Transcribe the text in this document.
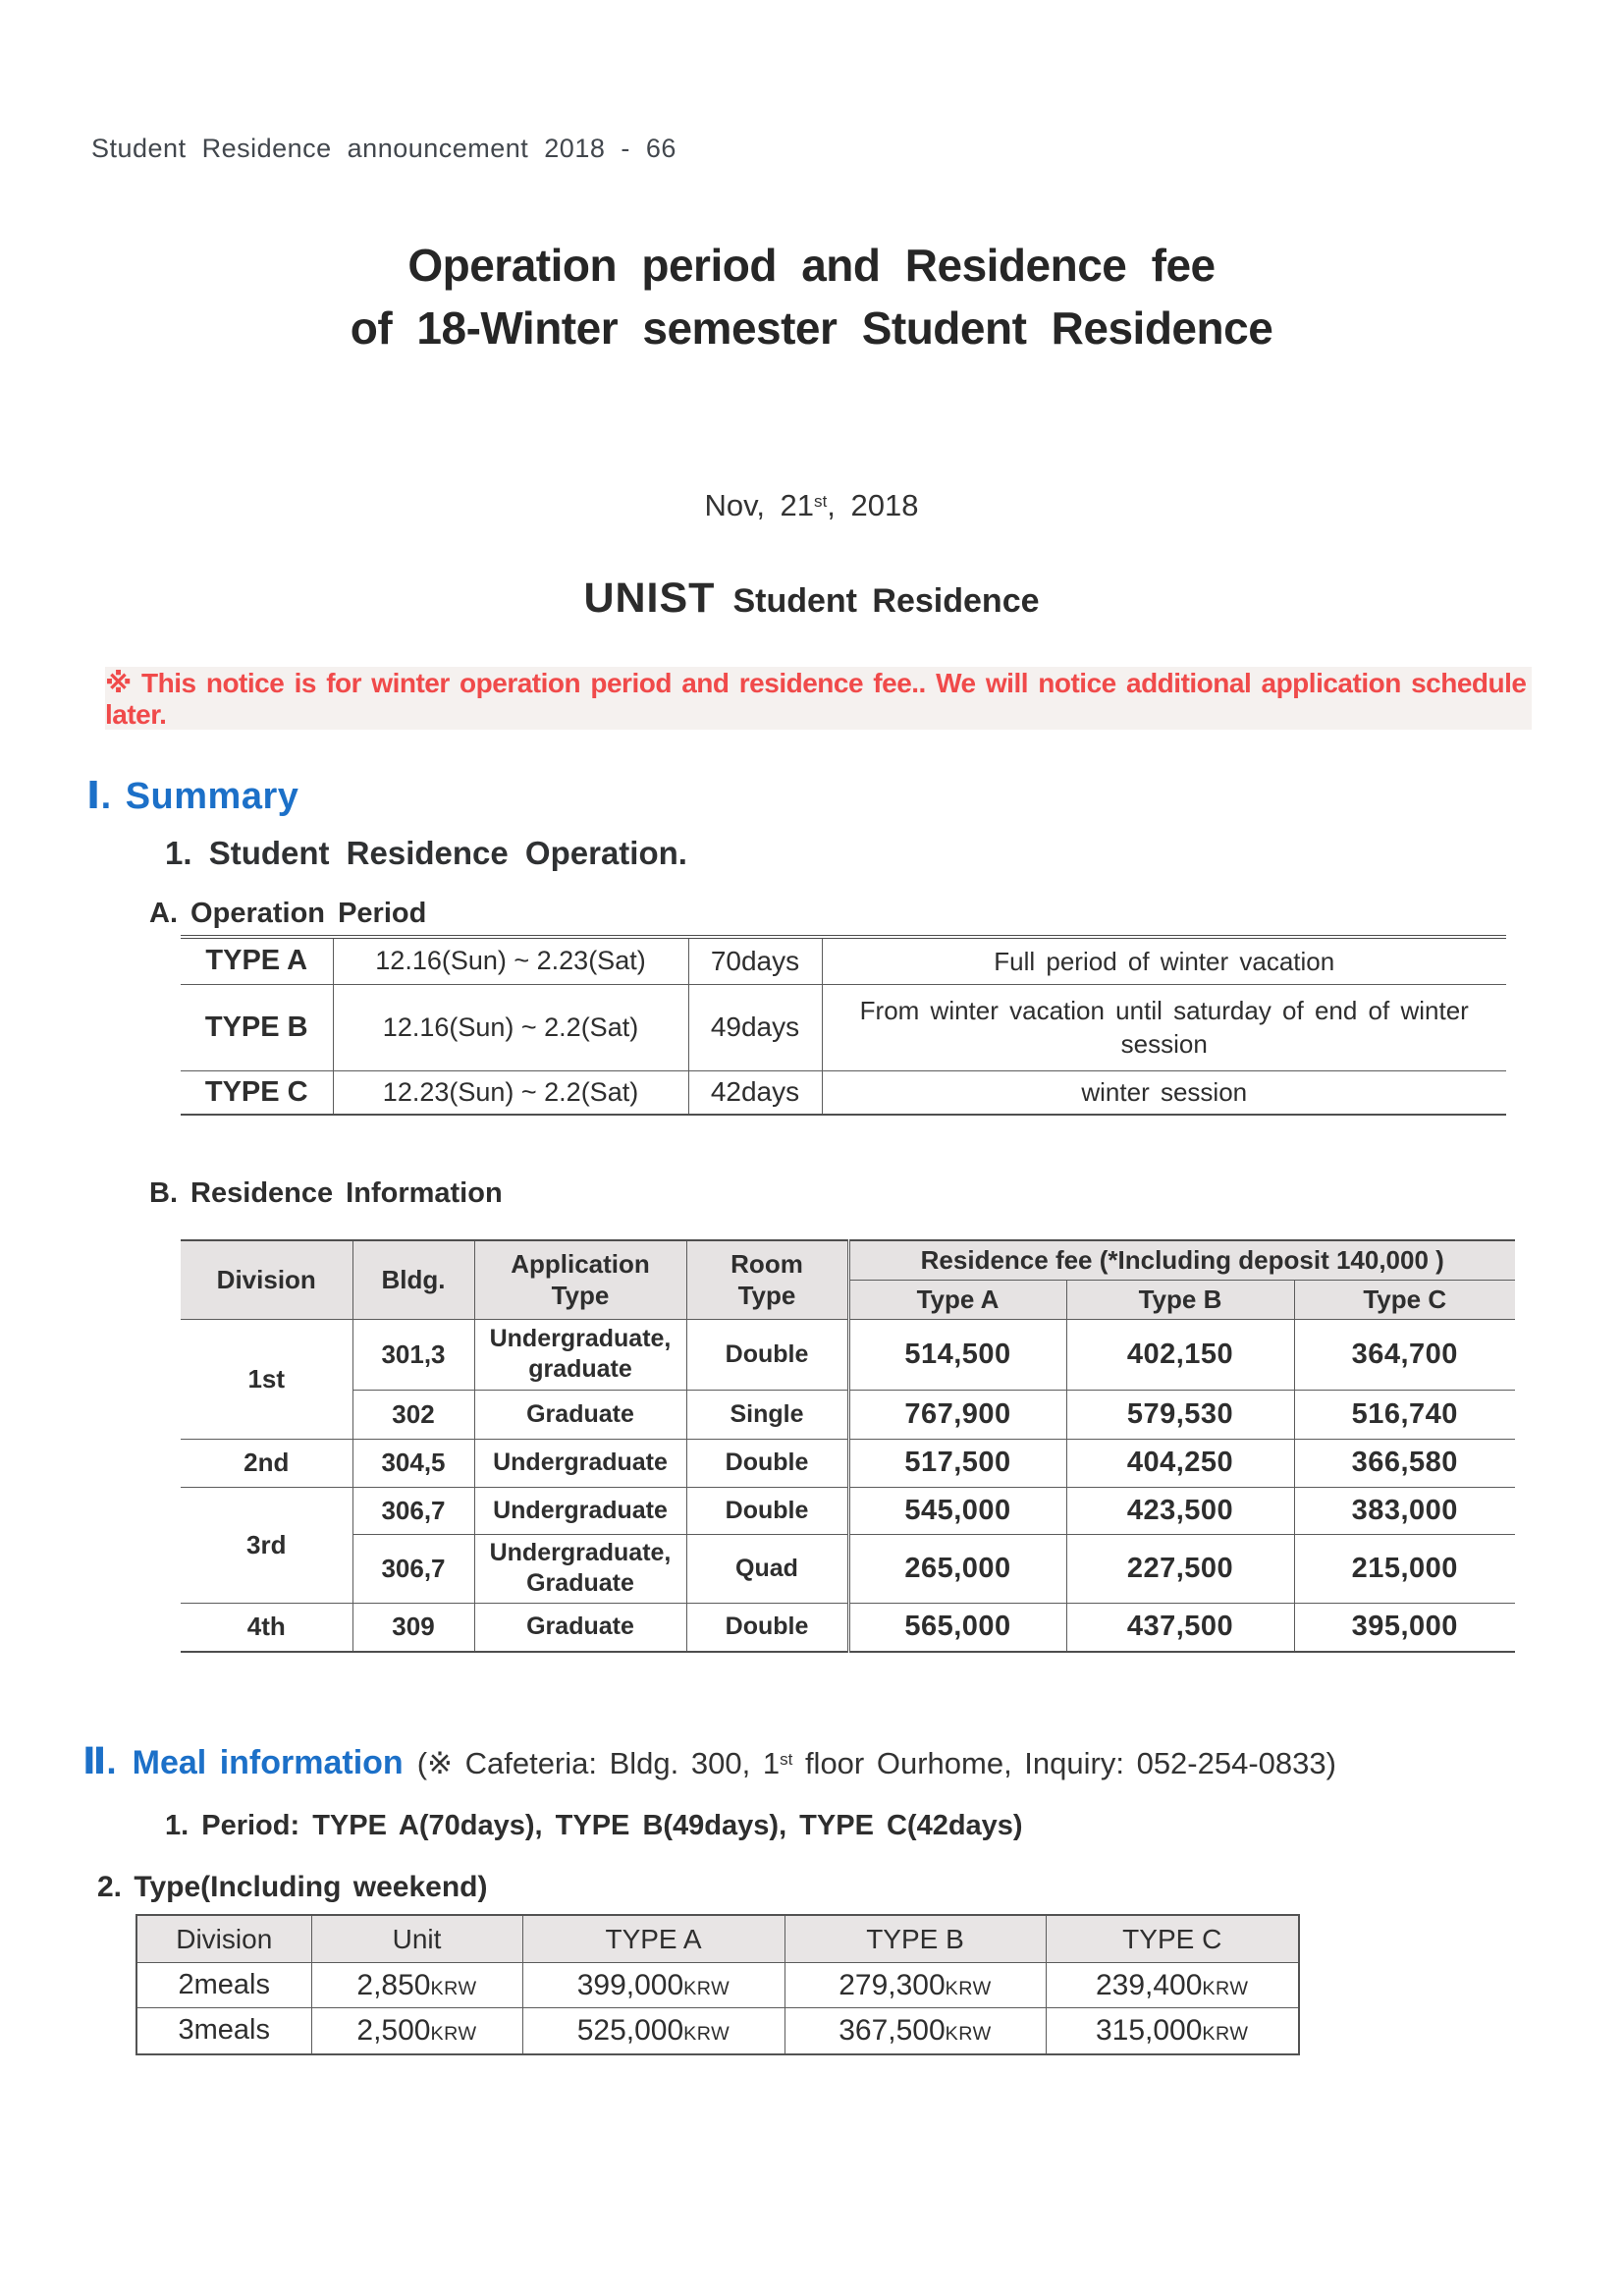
Student Residence announcement 2018 - 66
Operation period and Residence fee
of 18-Winter semester Student Residence
Nov, 21st, 2018
UNIST Student Residence
※ This notice is for winter operation period and residence fee.. We will notice additional application schedule later.
Ⅰ. Summary
1. Student Residence Operation.
A. Operation Period
TYPE A	12.16(Sun) ~ 2.23(Sat)	70days	Full period of winter vacation
TYPE B	12.16(Sun) ~ 2.2(Sat)	49days	From winter vacation until saturday of end of winter session
TYPE C	12.23(Sun) ~ 2.2(Sat)	42days	winter session
B. Residence Information
Division	Bldg.	Application Type	Room Type	Residence fee (*Including deposit 140,000 )		
				Type A	Type B	Type C
1st	301,3	Undergraduate, graduate	Double	514,500	402,150	364,700
	302	Graduate	Single	767,900	579,530	516,740
2nd	304,5	Undergraduate	Double	517,500	404,250	366,580
3rd	306,7	Undergraduate	Double	545,000	423,500	383,000
	306,7	Undergraduate, Graduate	Quad	265,000	227,500	215,000
4th	309	Graduate	Double	565,000	437,500	395,000
Ⅱ. Meal information (※ Cafeteria: Bldg. 300, 1st floor Ourhome, Inquiry: 052-254-0833)
1. Period: TYPE A(70days), TYPE B(49days), TYPE C(42days)
2. Type(Including weekend)
Division	Unit	TYPE A	TYPE B	TYPE C
2meals	2,850KRW	399,000KRW	279,300KRW	239,400KRW
3meals	2,500KRW	525,000KRW	367,500KRW	315,000KRW
